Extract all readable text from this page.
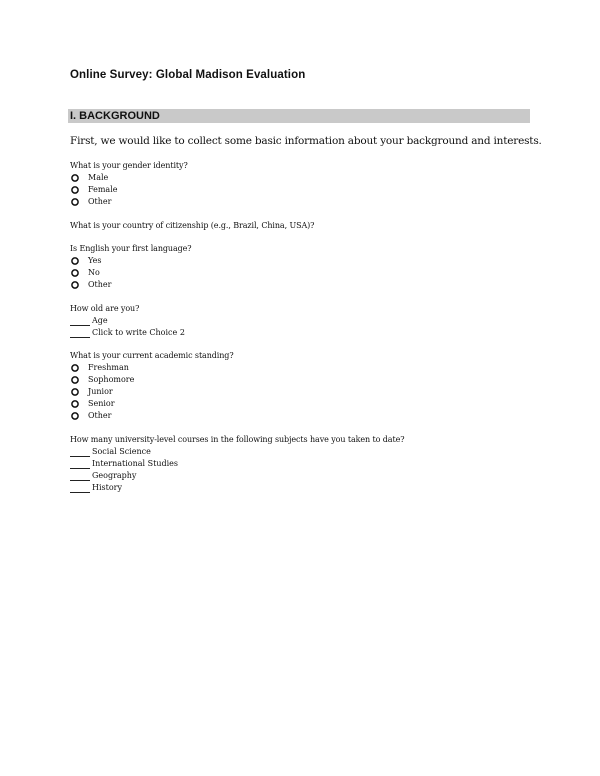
Online Survey: Global Madison Evaluation
I. BACKGROUND
First, we would like to collect some basic information about your background and interests.
What is your gender identity?
Male
Female
Other
What is your country of citizenship (e.g., Brazil, China, USA)?
Is English your first language?
Yes
No
Other
How old are you?
Age
Click to write Choice 2
What is your current academic standing?
Freshman
Sophomore
Junior
Senior
Other
How many university-level courses in the following subjects have you taken to date?
Social Science
International Studies
Geography
History
